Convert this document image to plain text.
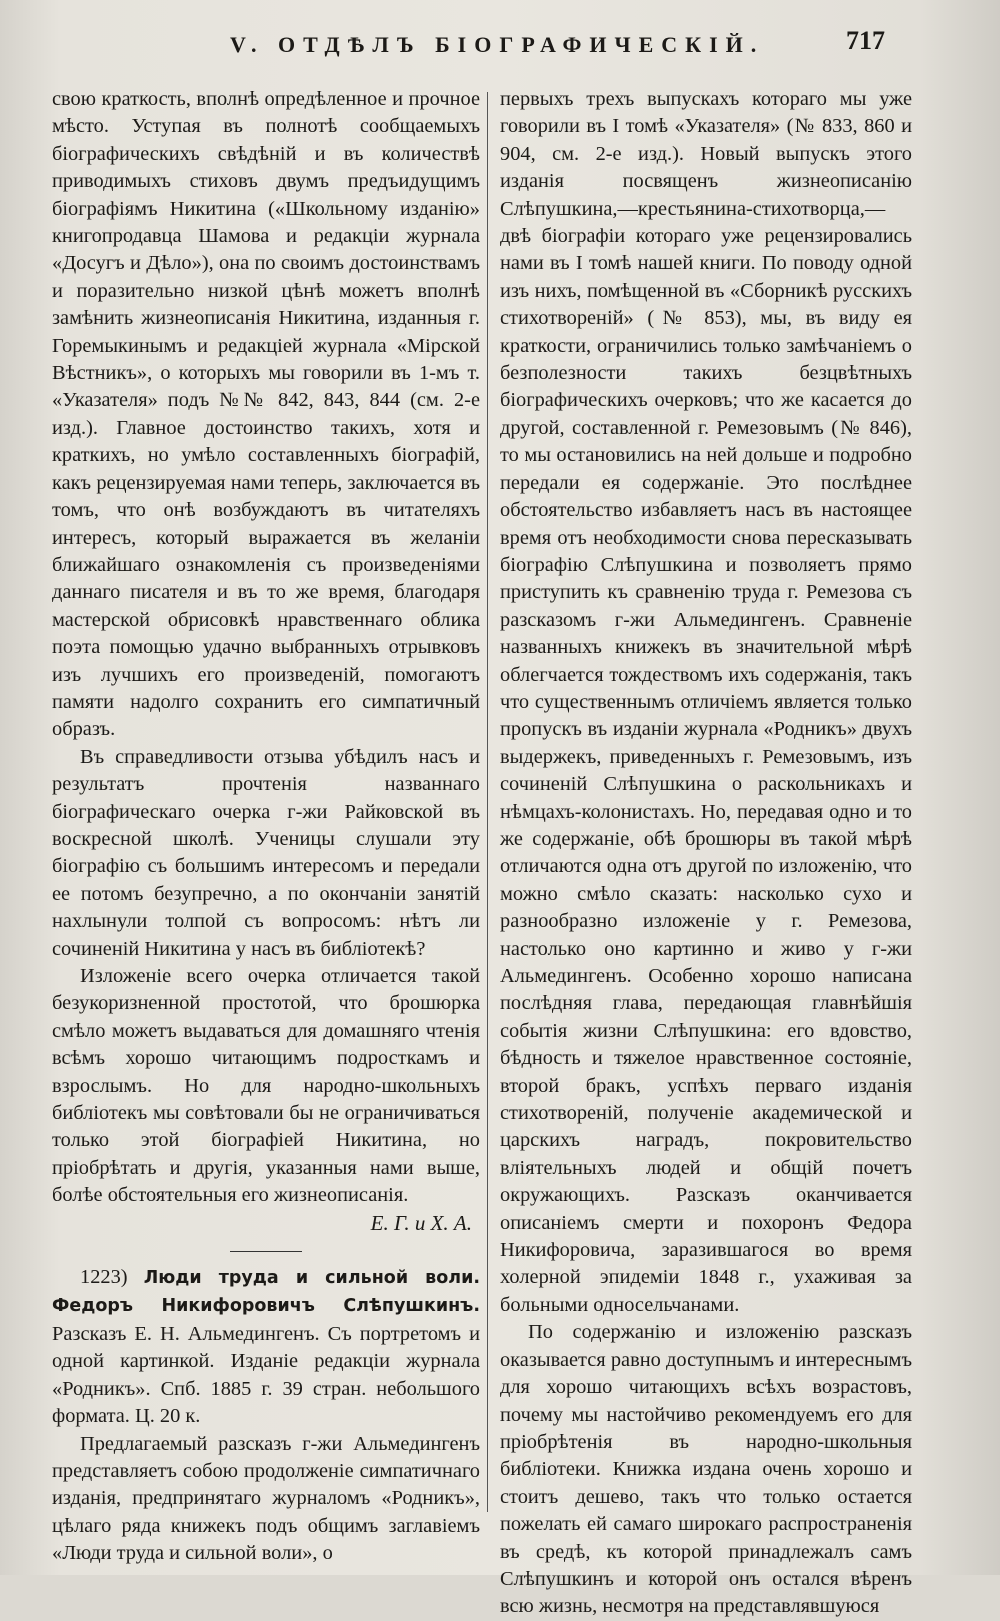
V. ОТДѢЛЪ БІОГРАФИЧЕСКІЙ.	717

свою краткость, вполнѣ опредѣленное и прочное мѣсто. Уступая въ полнотѣ сообщаемыхъ біографическихъ свѣдѣній и въ количествѣ приводимыхъ стиховъ двумъ предъидущимъ біографіямъ Никитина («Школьному изданію» книгопродавца Шамова и редакціи журнала «Досугъ и Дѣло»), она по своимъ достоинствамъ и поразительно низкой цѣнѣ можетъ вполнѣ замѣнить жизнеописанія Никитина, изданныя г. Горемыкинымъ и редакціей журнала «Мірской Вѣстникъ», о которыхъ мы говорили въ 1-мъ т. «Указателя» подъ №№ 842, 843, 844 (см. 2-е изд.). Главное достоинство такихъ, хотя и краткихъ, но умѣло составленныхъ біографій, какъ рецензируемая нами теперь, заключается въ томъ, что онѣ возбуждаютъ въ читателяхъ интересъ, который выражается въ желаніи ближайшаго ознакомленія съ произведеніями даннаго писателя и въ то же время, благодаря мастерской обрисовкѣ нравственнаго облика поэта помощью удачно выбранныхъ отрывковъ изъ лучшихъ его произведеній, помогаютъ памяти надолго сохранить его симпатичный образъ.

Въ справедливости отзыва убѣдилъ насъ и результатъ прочтенія названнаго біографическаго очерка г-жи Райковской въ воскресной школѣ. Ученицы слушали эту біографію съ большимъ интересомъ и передали ее потомъ безупречно, а по окончаніи занятій нахлынули толпой съ вопросомъ: нѣтъ ли сочиненій Никитина у насъ въ библіотекѣ?

Изложеніе всего очерка отличается такой безукоризненной простотой, что брошюрка смѣло можетъ выдаваться для домашняго чтенія всѣмъ хорошо читающимъ подросткамъ и взрослымъ. Но для народно-школьныхъ библіотекъ мы совѣтовали бы не ограничиваться только этой біографіей Никитина, но пріобрѣтать и другія, указанныя нами выше, болѣе обстоятельныя его жизнеописанія.

Е. Г. и Х. А.

1223) Люди труда и сильной воли. Федоръ Никифоровичъ Слѣпушкинъ. Разсказъ Е. Н. Альмедингенъ. Съ портретомъ и одной картинкой. Изданіе редакціи журнала «Родникъ». Спб. 1885 г. 39 стран. небольшого формата. Ц. 20 к.

Предлагаемый разсказъ г-жи Альмедингенъ представляетъ собою продолженіе симпатичнаго изданія, предпринятаго журналомъ «Родникъ», цѣлаго ряда книжекъ подъ общимъ заглавіемъ «Люди труда и сильной воли», о

первыхъ трехъ выпускахъ котораго мы уже говорили въ I томѣ «Указателя» (№ 833, 860 и 904, см. 2-е изд.). Новый выпускъ этого изданія посвященъ жизнеописанію Слѣпушкина,—крестьянина-стихотворца,—двѣ біографіи котораго уже рецензировались нами въ I томѣ нашей книги. По поводу одной изъ нихъ, помѣщенной въ «Сборникѣ русскихъ стихотвореній» (№ 853), мы, въ виду ея краткости, ограничились только замѣчаніемъ о безполезности такихъ безцвѣтныхъ біографическихъ очерковъ; что же касается до другой, составленной г. Ремезовымъ (№ 846), то мы остановились на ней дольше и подробно передали ея содержаніе. Это послѣднее обстоятельство избавляетъ насъ въ настоящее время отъ необходимости снова пересказывать біографію Слѣпушкина и позволяетъ прямо приступить къ сравненію труда г. Ремезова съ разсказомъ г-жи Альмедингенъ. Сравненіе названныхъ книжекъ въ значительной мѣрѣ облегчается тождествомъ ихъ содержанія, такъ что существеннымъ отличіемъ является только пропускъ въ изданіи журнала «Родникъ» двухъ выдержекъ, приведенныхъ г. Ремезовымъ, изъ сочиненій Слѣпушкина о раскольникахъ и нѣмцахъ-колонистахъ. Но, передавая одно и то же содержаніе, обѣ брошюры въ такой мѣрѣ отличаются одна отъ другой по изложенію, что можно смѣло сказать: насколько сухо и разнообразно изложеніе у г. Ремезова, настолько оно картинно и живо у г-жи Альмедингенъ. Особенно хорошо написана послѣдняя глава, передающая главнѣйшія событія жизни Слѣпушкина: его вдовство, бѣдность и тяжелое нравственное состояніе, второй бракъ, успѣхъ перваго изданія стихотвореній, полученіе академической и царскихъ наградъ, покровительство вліятельныхъ людей и общій почетъ окружающихъ. Разсказъ оканчивается описаніемъ смерти и похоронъ Федора Никифоровича, заразившагося во время холерной эпидеміи 1848 г., ухаживая за больными односельчанами.

По содержанію и изложенію разсказъ оказывается равно доступнымъ и интереснымъ для хорошо читающихъ всѣхъ возрастовъ, почему мы настойчиво рекомендуемъ его для пріобрѣтенія въ народно-школьныя библіотеки. Книжка издана очень хорошо и стоитъ дешево, такъ что только остается пожелать ей самаго широкаго распространенія въ средѣ, къ которой принадлежалъ самъ Слѣпушкинъ и которой онъ остался вѣренъ всю жизнь, несмотря на представлявшуюся
